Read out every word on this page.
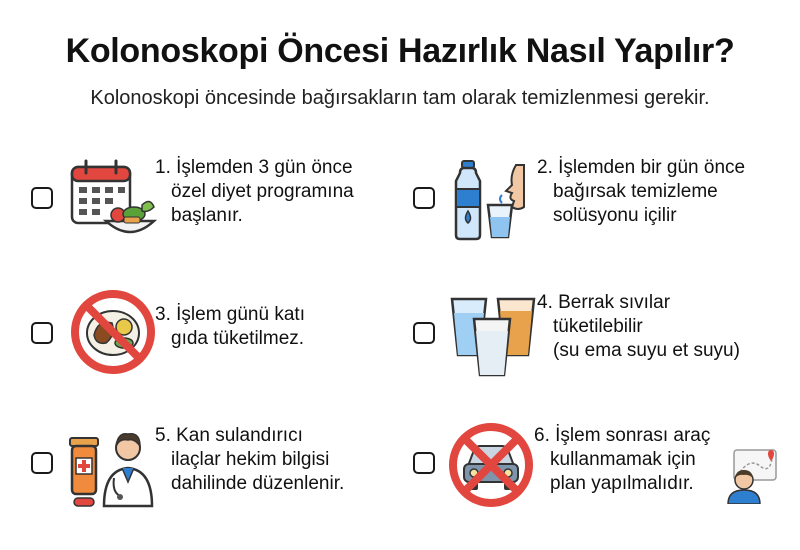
Kolonoskopi Öncesi Hazırlık Nasıl Yapılır?
Kolonoskopi öncesinde bağırsakların tam olarak temizlenmesi gerekir.
1. İşlemden 3 gün önce
özel diyet programına
başlanır.
2. İşlemden bir gün önce
bağırsak temizleme
solüsyonu içilir
3. İşlem günü katı
gıda tüketilmez.
4. Berrak sıvılar
tüketilebilir
(su ema suyu et suyu)
5. Kan sulandırıcı
ilaçlar hekim bilgisi
dahilinde düzenlenir.
6. İşlem sonrası araç
kullanmamak için
plan yapılmalıdır.
